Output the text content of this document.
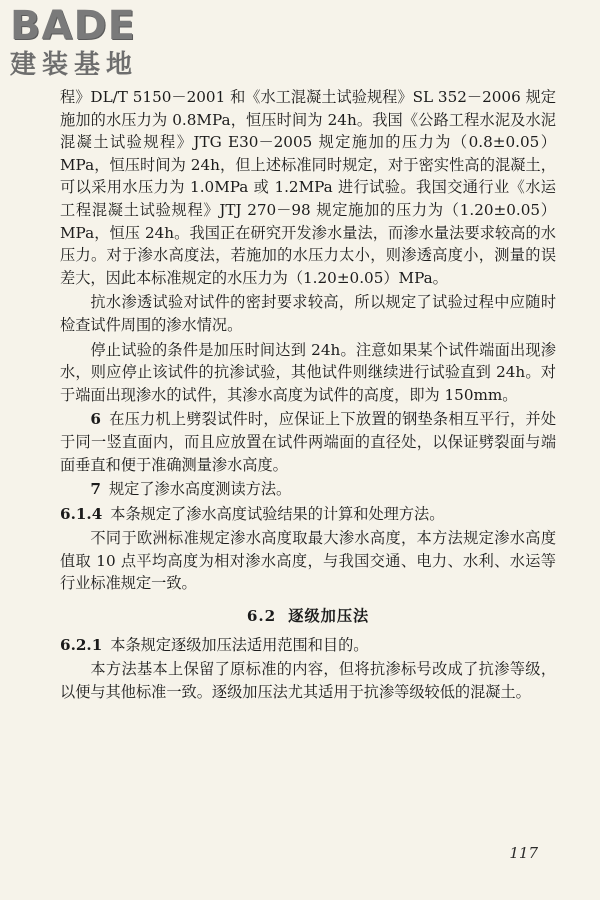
BADE
建装基地

程》DL/T 5150－2001 和《水工混凝土试验规程》SL 352－2006 规定施加的水压力为 0.8MPa，恒压时间为 24h。我国《公路工程水泥及水泥混凝土试验规程》JTG E30－2005 规定施加的压力为（0.8±0.05）MPa，恒压时间为 24h，但上述标准同时规定，对于密实性高的混凝土，可以采用水压力为 1.0MPa 或 1.2MPa 进行试验。我国交通行业《水运工程混凝土试验规程》JTJ 270－98 规定施加的压力为（1.20±0.05）MPa，恒压 24h。我国正在研究开发渗水量法，而渗水量法要求较高的水压力。对于渗水高度法，若施加的水压力太小，则渗透高度小，测量的误差大，因此本标准规定的水压力为（1.20±0.05）MPa。

抗水渗透试验对试件的密封要求较高，所以规定了试验过程中应随时检查试件周围的渗水情况。

停止试验的条件是加压时间达到 24h。注意如果某个试件端面出现渗水，则应停止该试件的抗渗试验，其他试件则继续进行试验直到 24h。对于端面出现渗水的试件，其渗水高度为试件的高度，即为 150mm。

6 在压力机上劈裂试件时，应保证上下放置的钢垫条相互平行，并处于同一竖直面内，而且应放置在试件两端面的直径处，以保证劈裂面与端面垂直和便于准确测量渗水高度。

7 规定了渗水高度测读方法。

6.1.4 本条规定了渗水高度试验结果的计算和处理方法。

不同于欧洲标准规定渗水高度取最大渗水高度，本方法规定渗水高度值取 10 点平均高度为相对渗水高度，与我国交通、电力、水利、水运等行业标准规定一致。

6.2 逐级加压法

6.2.1 本条规定逐级加压法适用范围和目的。

本方法基本上保留了原标准的内容，但将抗渗标号改成了抗渗等级，以便与其他标准一致。逐级加压法尤其适用于抗渗等级较低的混凝土。

117
